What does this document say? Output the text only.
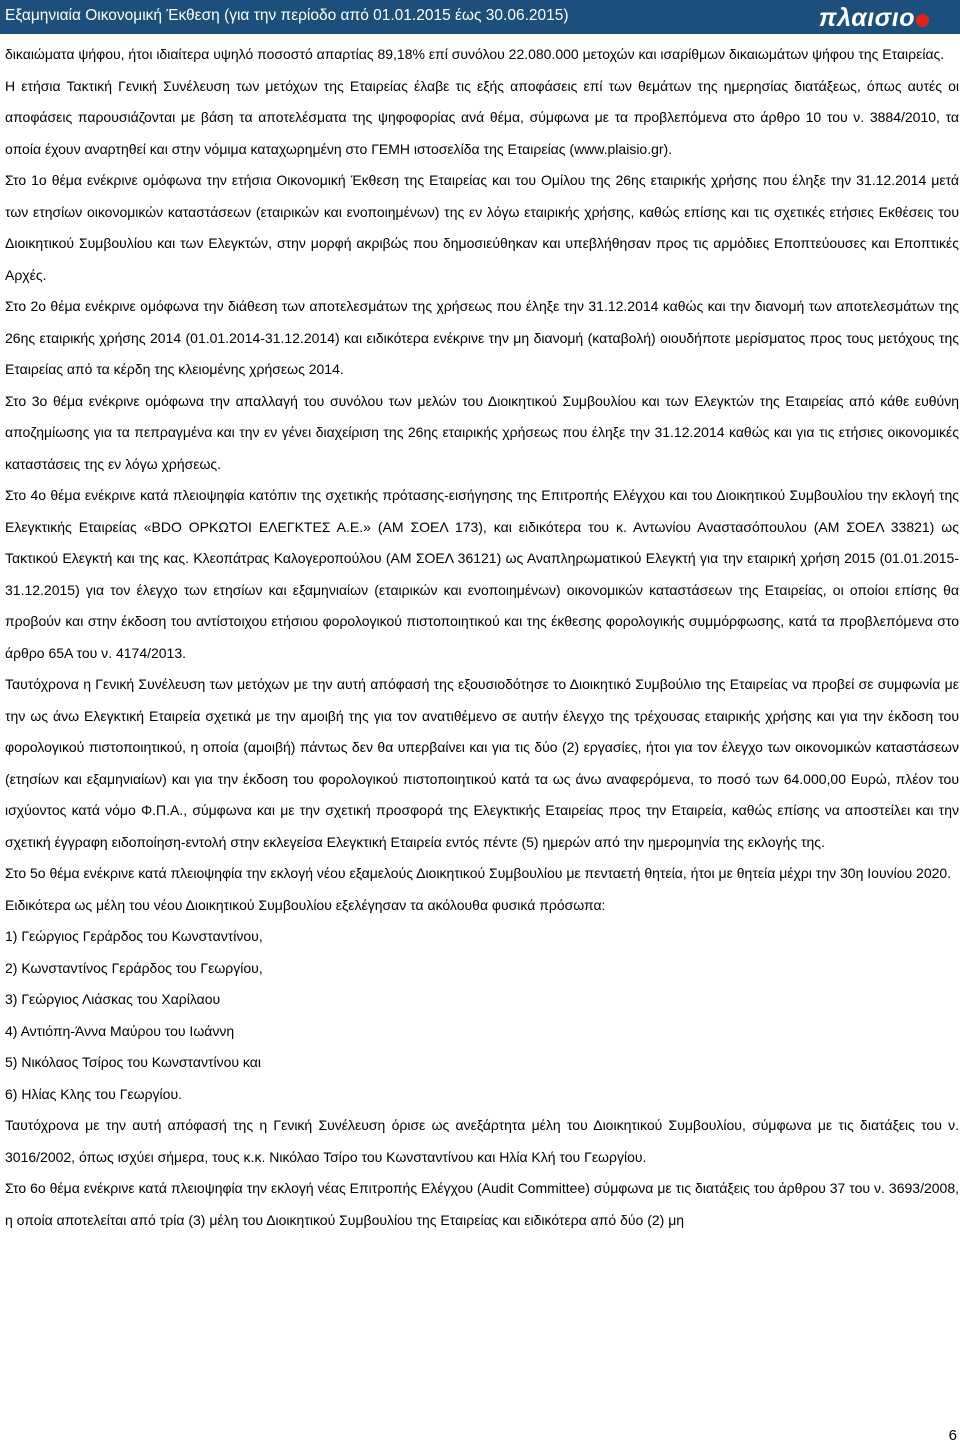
Εξαμηνιαία Οικονομική Έκθεση (για την περίοδο από 01.01.2015 έως 30.06.2015)	πλαισιο

δικαιώματα ψήφου, ήτοι ιδιαίτερα υψηλό ποσοστό απαρτίας 89,18% επί συνόλου 22.080.000 μετοχών και ισαρίθμων δικαιωμάτων ψήφου της Εταιρείας.

Η ετήσια Τακτική Γενική Συνέλευση των μετόχων της Εταιρείας έλαβε τις εξής αποφάσεις επί των θεμάτων της ημερησίας διατάξεως, όπως αυτές οι αποφάσεις παρουσιάζονται με βάση τα αποτελέσματα της ψηφοφορίας ανά θέμα, σύμφωνα με τα προβλεπόμενα στο άρθρο 10 του ν. 3884/2010, τα οποία έχουν αναρτηθεί και στην νόμιμα καταχωρημένη στο ΓΕΜΗ ιστοσελίδα της Εταιρείας (www.plaisio.gr).

Στο 1ο θέμα ενέκρινε ομόφωνα την ετήσια Οικονομική Έκθεση της Εταιρείας και του Ομίλου της 26ης εταιρικής χρήσης που έληξε την 31.12.2014 μετά των ετησίων οικονομικών καταστάσεων (εταιρικών και ενοποιημένων) της εν λόγω εταιρικής χρήσης, καθώς επίσης και τις σχετικές ετήσιες Εκθέσεις του Διοικητικού Συμβουλίου και των Ελεγκτών, στην μορφή ακριβώς που δημοσιεύθηκαν και υπεβλήθησαν προς τις αρμόδιες Εποπτεύουσες και Εποπτικές Αρχές.

Στο 2ο θέμα ενέκρινε ομόφωνα την διάθεση των αποτελεσμάτων της χρήσεως που έληξε την 31.12.2014 καθώς και την διανομή των αποτελεσμάτων της 26ης εταιρικής χρήσης 2014 (01.01.2014-31.12.2014) και ειδικότερα ενέκρινε την μη διανομή (καταβολή) οιουδήποτε μερίσματος προς τους μετόχους της Εταιρείας από τα κέρδη της κλειομένης χρήσεως 2014.

Στο 3ο θέμα ενέκρινε ομόφωνα την απαλλαγή του συνόλου των μελών του Διοικητικού Συμβουλίου και των Ελεγκτών της Εταιρείας από κάθε ευθύνη αποζημίωσης για τα πεπραγμένα και την εν γένει διαχείριση της 26ης εταιρικής χρήσεως που έληξε την 31.12.2014 καθώς και για τις ετήσιες οικονομικές καταστάσεις της εν λόγω χρήσεως.

Στο 4ο θέμα ενέκρινε κατά πλειοψηφία κατόπιν της σχετικής πρότασης-εισήγησης της Επιτροπής Ελέγχου και του Διοικητικού Συμβουλίου την εκλογή της Ελεγκτικής Εταιρείας «BDO ΟΡΚΩΤΟΙ ΕΛΕΓΚΤΕΣ Α.Ε.» (ΑΜ ΣΟΕΛ 173), και ειδικότερα του κ. Αντωνίου Αναστασόπουλου (ΑΜ ΣΟΕΛ 33821) ως Τακτικού Ελεγκτή και της κας. Κλεοπάτρας Καλογεροπούλου (ΑΜ ΣΟΕΛ 36121) ως Αναπληρωματικού Ελεγκτή για την εταιρική χρήση 2015 (01.01.2015-31.12.2015) για τον έλεγχο των ετησίων και εξαμηνιαίων (εταιρικών και ενοποιημένων) οικονομικών καταστάσεων της Εταιρείας, οι οποίοι επίσης θα προβούν και στην έκδοση του αντίστοιχου ετήσιου φορολογικού πιστοποιητικού και της έκθεσης φορολογικής συμμόρφωσης, κατά τα προβλεπόμενα στο άρθρο 65Α του ν. 4174/2013.

Ταυτόχρονα η Γενική Συνέλευση των μετόχων με την αυτή απόφασή της εξουσιοδότησε το Διοικητικό Συμβούλιο της Εταιρείας να προβεί σε συμφωνία με την ως άνω Ελεγκτική Εταιρεία σχετικά με την αμοιβή της για τον ανατιθέμενο σε αυτήν έλεγχο της τρέχουσας εταιρικής χρήσης και για την έκδοση του φορολογικού πιστοποιητικού, η οποία (αμοιβή) πάντως δεν θα υπερβαίνει και για τις δύο (2) εργασίες, ήτοι για τον έλεγχο των οικονομικών καταστάσεων (ετησίων και εξαμηνιαίων) και για την έκδοση του φορολογικού πιστοποιητικού κατά τα ως άνω αναφερόμενα, το ποσό των 64.000,00 Ευρώ, πλέον του ισχύοντος κατά νόμο Φ.Π.Α., σύμφωνα και με την σχετική προσφορά της Ελεγκτικής Εταιρείας προς την Εταιρεία, καθώς επίσης να αποστείλει και την σχετική έγγραφη ειδοποίηση-εντολή στην εκλεγείσα Ελεγκτική Εταιρεία εντός πέντε (5) ημερών από την ημερομηνία της εκλογής της.

Στο 5ο θέμα ενέκρινε κατά πλειοψηφία την εκλογή νέου εξαμελούς Διοικητικού Συμβουλίου με πενταετή θητεία, ήτοι με θητεία μέχρι την 30η Ιουνίου 2020.

Ειδικότερα ως μέλη του νέου Διοικητικού Συμβουλίου εξελέγησαν τα ακόλουθα φυσικά πρόσωπα:

1) Γεώργιος Γεράρδος του Κωνσταντίνου,

2) Κωνσταντίνος Γεράρδος του Γεωργίου,

3) Γεώργιος Λιάσκας του Χαρίλαου

4) Αντιόπη-Άννα Μαύρου του Ιωάννη

5) Νικόλαος Τσίρος του Κωνσταντίνου και

6) Ηλίας Κλης του Γεωργίου.

Ταυτόχρονα με την αυτή απόφασή της η Γενική Συνέλευση όρισε ως ανεξάρτητα μέλη του Διοικητικού Συμβουλίου, σύμφωνα με τις διατάξεις του ν. 3016/2002, όπως ισχύει σήμερα, τους κ.κ. Νικόλαο Τσίρο του Κωνσταντίνου και Ηλία Κλή του Γεωργίου.

Στο 6ο θέμα ενέκρινε κατά πλειοψηφία την εκλογή νέας Επιτροπής Ελέγχου (Audit Committee) σύμφωνα με τις διατάξεις του άρθρου 37 του ν. 3693/2008, η οποία αποτελείται από τρία (3) μέλη του Διοικητικού Συμβουλίου της Εταιρείας και ειδικότερα από δύο (2) μη

6
